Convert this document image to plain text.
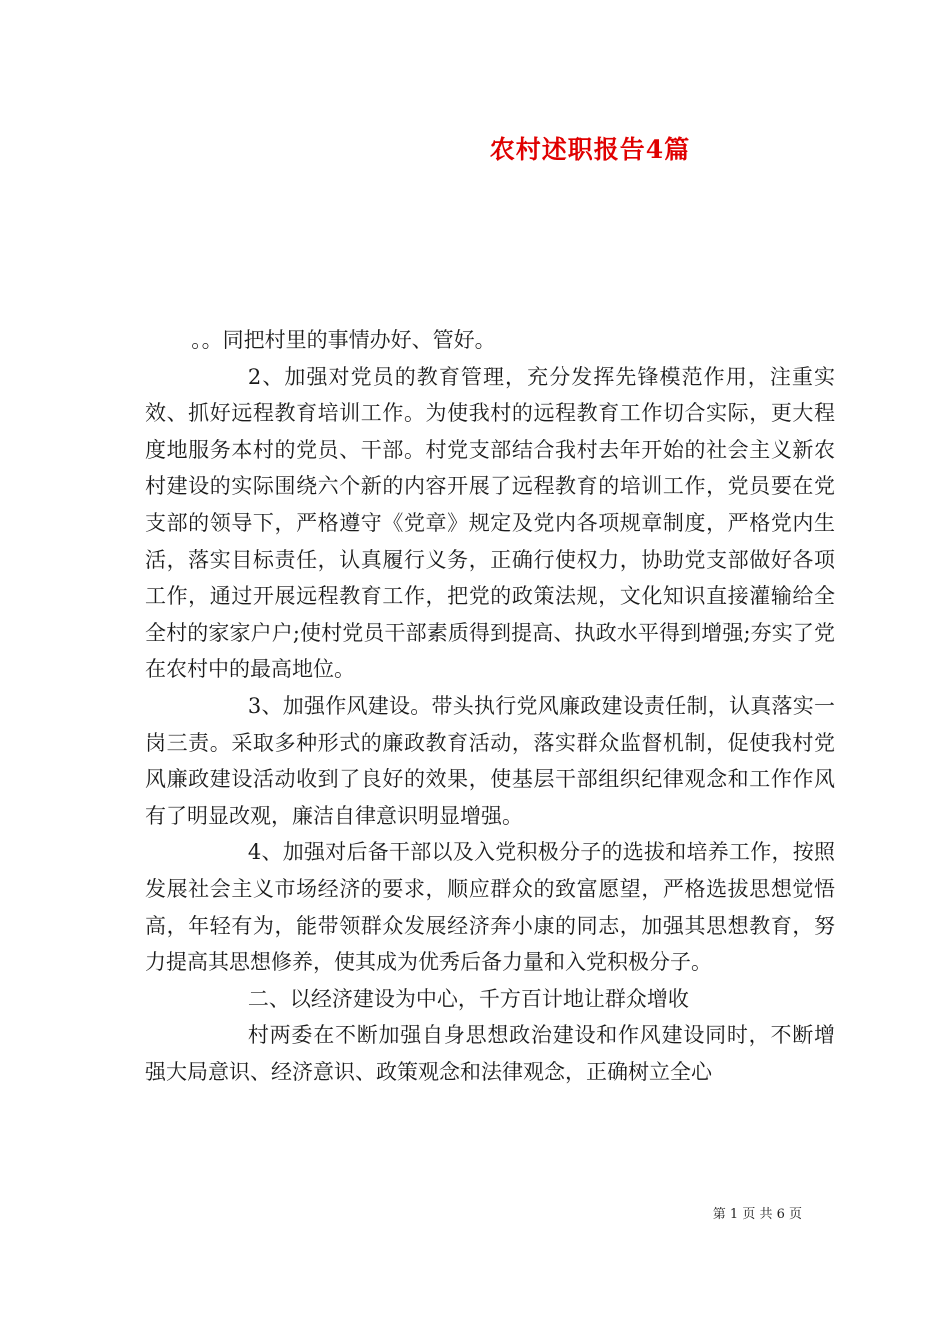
农村述职报告4篇

。。同把村里的事情办好、管好。

2、加强对党员的教育管理，充分发挥先锋模范作用，注重实效、抓好远程教育培训工作。为使我村的远程教育工作切合实际，更大程度地服务本村的党员、干部。村党支部结合我村去年开始的社会主义新农村建设的实际围绕六个新的内容开展了远程教育的培训工作，党员要在党支部的领导下，严格遵守《党章》规定及党内各项规章制度，严格党内生活，落实目标责任，认真履行义务，正确行使权力，协助党支部做好各项工作，通过开展远程教育工作，把党的政策法规，文化知识直接灌输给全全村的家家户户;使村党员干部素质得到提高、执政水平得到增强;夯实了党在农村中的最高地位。

3、加强作风建设。带头执行党风廉政建设责任制，认真落实一岗三责。采取多种形式的廉政教育活动，落实群众监督机制，促使我村党风廉政建设活动收到了良好的效果，使基层干部组织纪律观念和工作作风有了明显改观，廉洁自律意识明显增强。

4、加强对后备干部以及入党积极分子的选拔和培养工作，按照发展社会主义市场经济的要求，顺应群众的致富愿望，严格选拔思想觉悟高，年轻有为，能带领群众发展经济奔小康的同志，加强其思想教育，努力提高其思想修养，使其成为优秀后备力量和入党积极分子。

二、以经济建设为中心，千方百计地让群众增收

村两委在不断加强自身思想政治建设和作风建设同时，不断增强大局意识、经济意识、政策观念和法律观念，正确树立全心

第 1 页 共 6 页
